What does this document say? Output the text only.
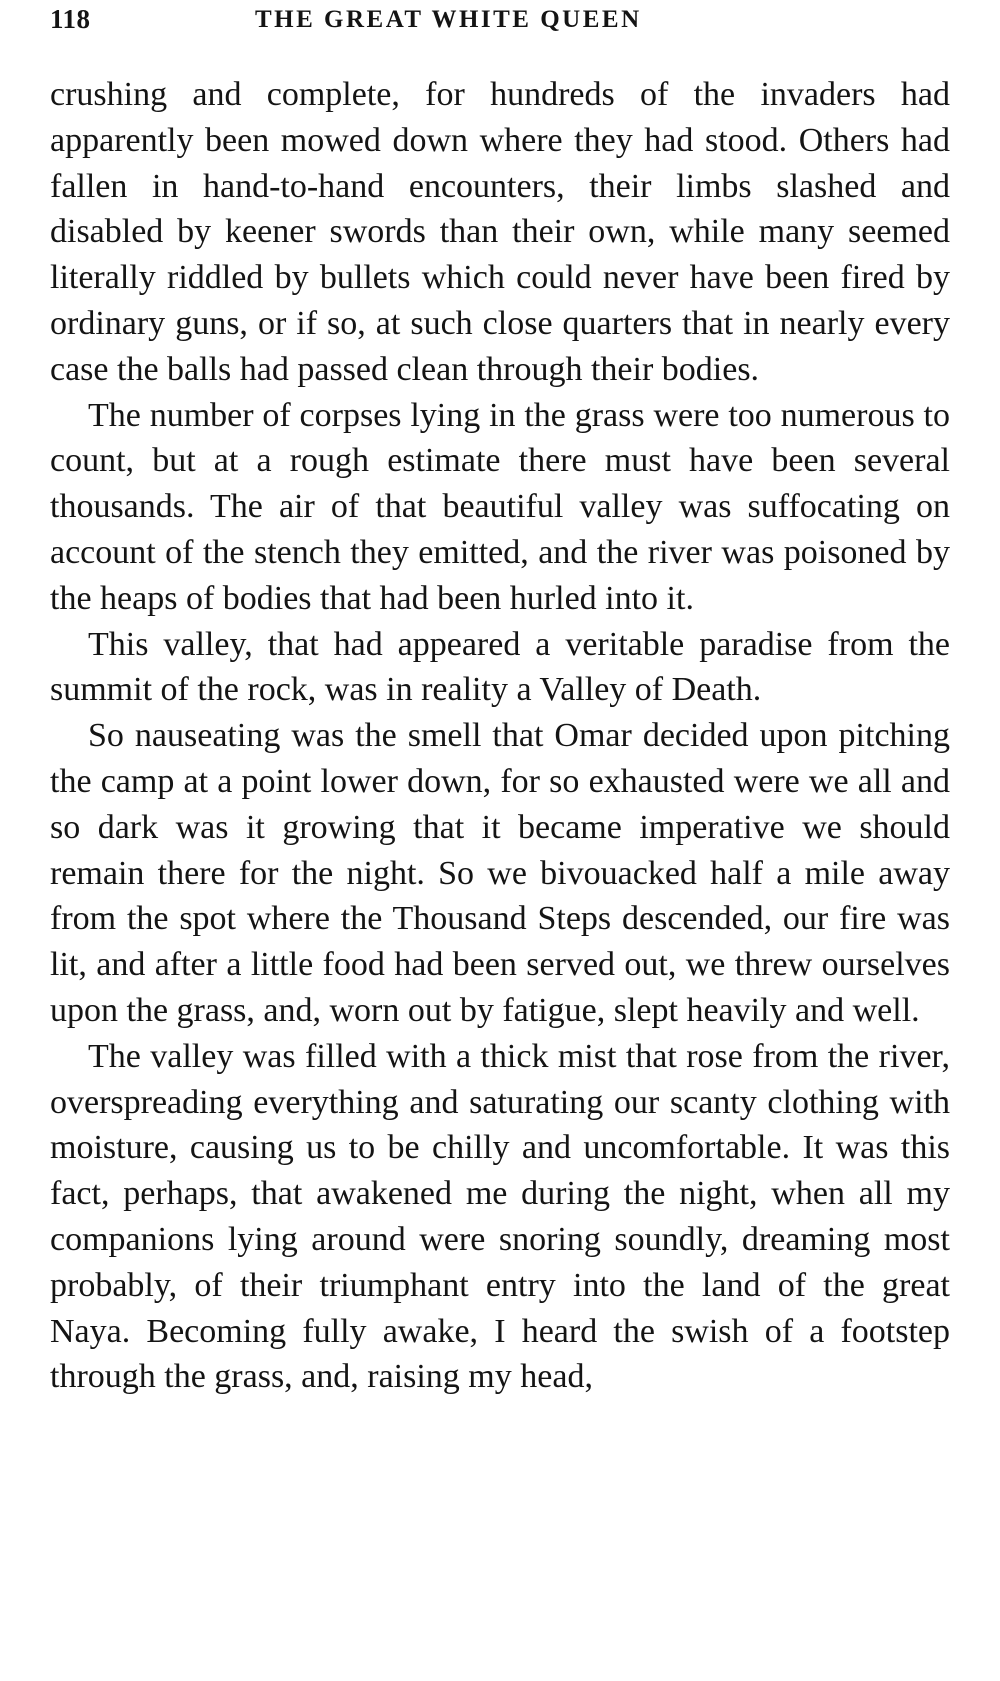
118	THE GREAT WHITE QUEEN

crushing and complete, for hundreds of the invaders had apparently been mowed down where they had stood. Others had fallen in hand-to-hand encounters, their limbs slashed and disabled by keener swords than their own, while many seemed literally riddled by bullets which could never have been fired by ordinary guns, or if so, at such close quarters that in nearly every case the balls had passed clean through their bodies.

The number of corpses lying in the grass were too numerous to count, but at a rough estimate there must have been several thousands. The air of that beautiful valley was suffocating on account of the stench they emitted, and the river was poisoned by the heaps of bodies that had been hurled into it.

This valley, that had appeared a veritable paradise from the summit of the rock, was in reality a Valley of Death.

So nauseating was the smell that Omar decided upon pitching the camp at a point lower down, for so exhausted were we all and so dark was it growing that it became imperative we should remain there for the night. So we bivouacked half a mile away from the spot where the Thousand Steps descended, our fire was lit, and after a little food had been served out, we threw ourselves upon the grass, and, worn out by fatigue, slept heavily and well.

The valley was filled with a thick mist that rose from the river, overspreading everything and saturating our scanty clothing with moisture, causing us to be chilly and uncomfortable. It was this fact, perhaps, that awakened me during the night, when all my companions lying around were snoring soundly, dreaming most probably, of their triumphant entry into the land of the great Naya. Becoming fully awake, I heard the swish of a footstep through the grass, and, raising my head,
